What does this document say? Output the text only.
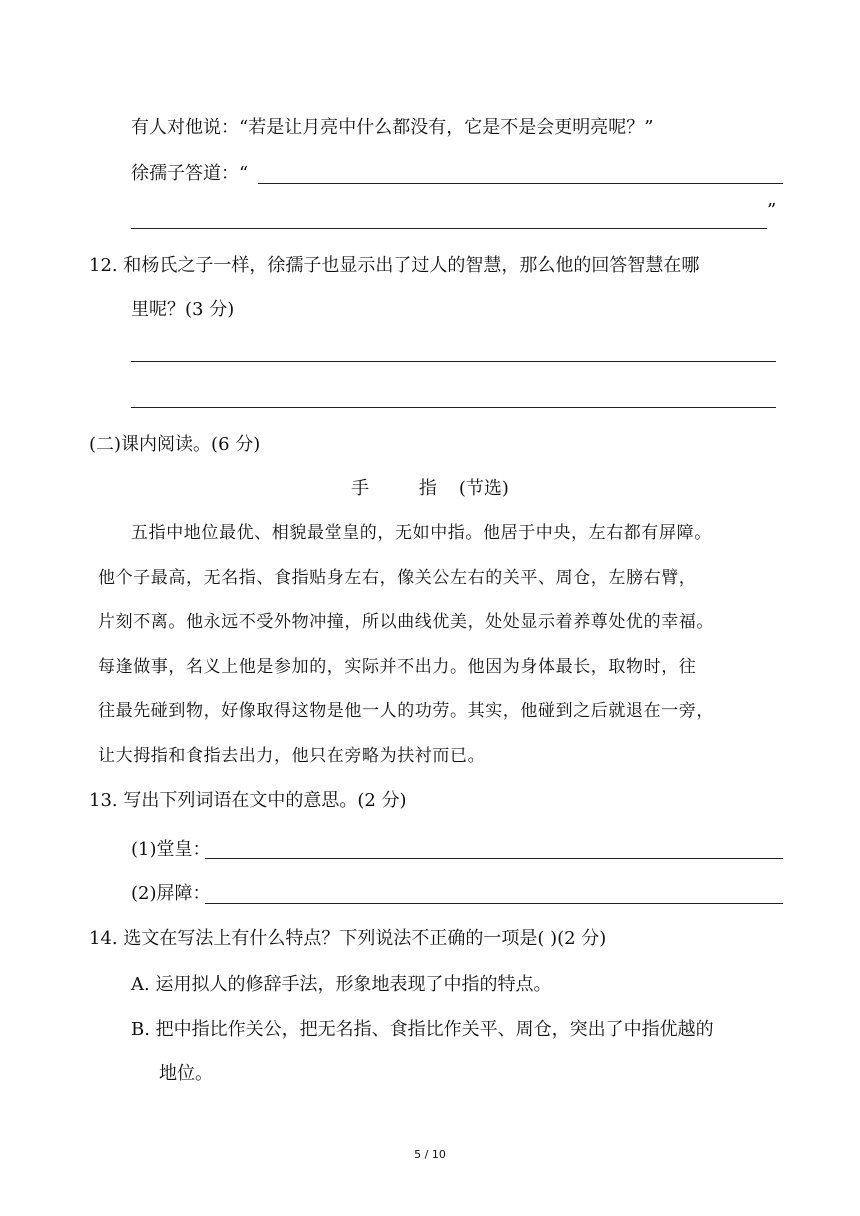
有人对他说：“若是让月亮中什么都没有，它是不是会更明亮呢？”
徐孺子答道：“
”
12. 和杨氏之子一样，徐孺子也显示出了过人的智慧，那么他的回答智慧在哪
里呢？(3 分)
(二)课内阅读。(6 分)
手 指(节选)
五指中地位最优、相貌最堂皇的，无如中指。他居于中央，左右都有屏障。
他个子最高，无名指、食指贴身左右，像关公左右的关平、周仓，左膀右臂，
片刻不离。他永远不受外物冲撞，所以曲线优美，处处显示着养尊处优的幸福。
每逢做事，名义上他是参加的，实际并不出力。他因为身体最长，取物时，往
往最先碰到物，好像取得这物是他一人的功劳。其实，他碰到之后就退在一旁，
让大拇指和食指去出力，他只在旁略为扶衬而已。
13. 写出下列词语在文中的意思。(2 分)
(1)堂皇：
(2)屏障：
14. 选文在写法上有什么特点？下列说法不正确的一项是( )(2 分)
A. 运用拟人的修辞手法，形象地表现了中指的特点。
B. 把中指比作关公，把无名指、食指比作关平、周仓，突出了中指优越的
地位。
5 / 10
